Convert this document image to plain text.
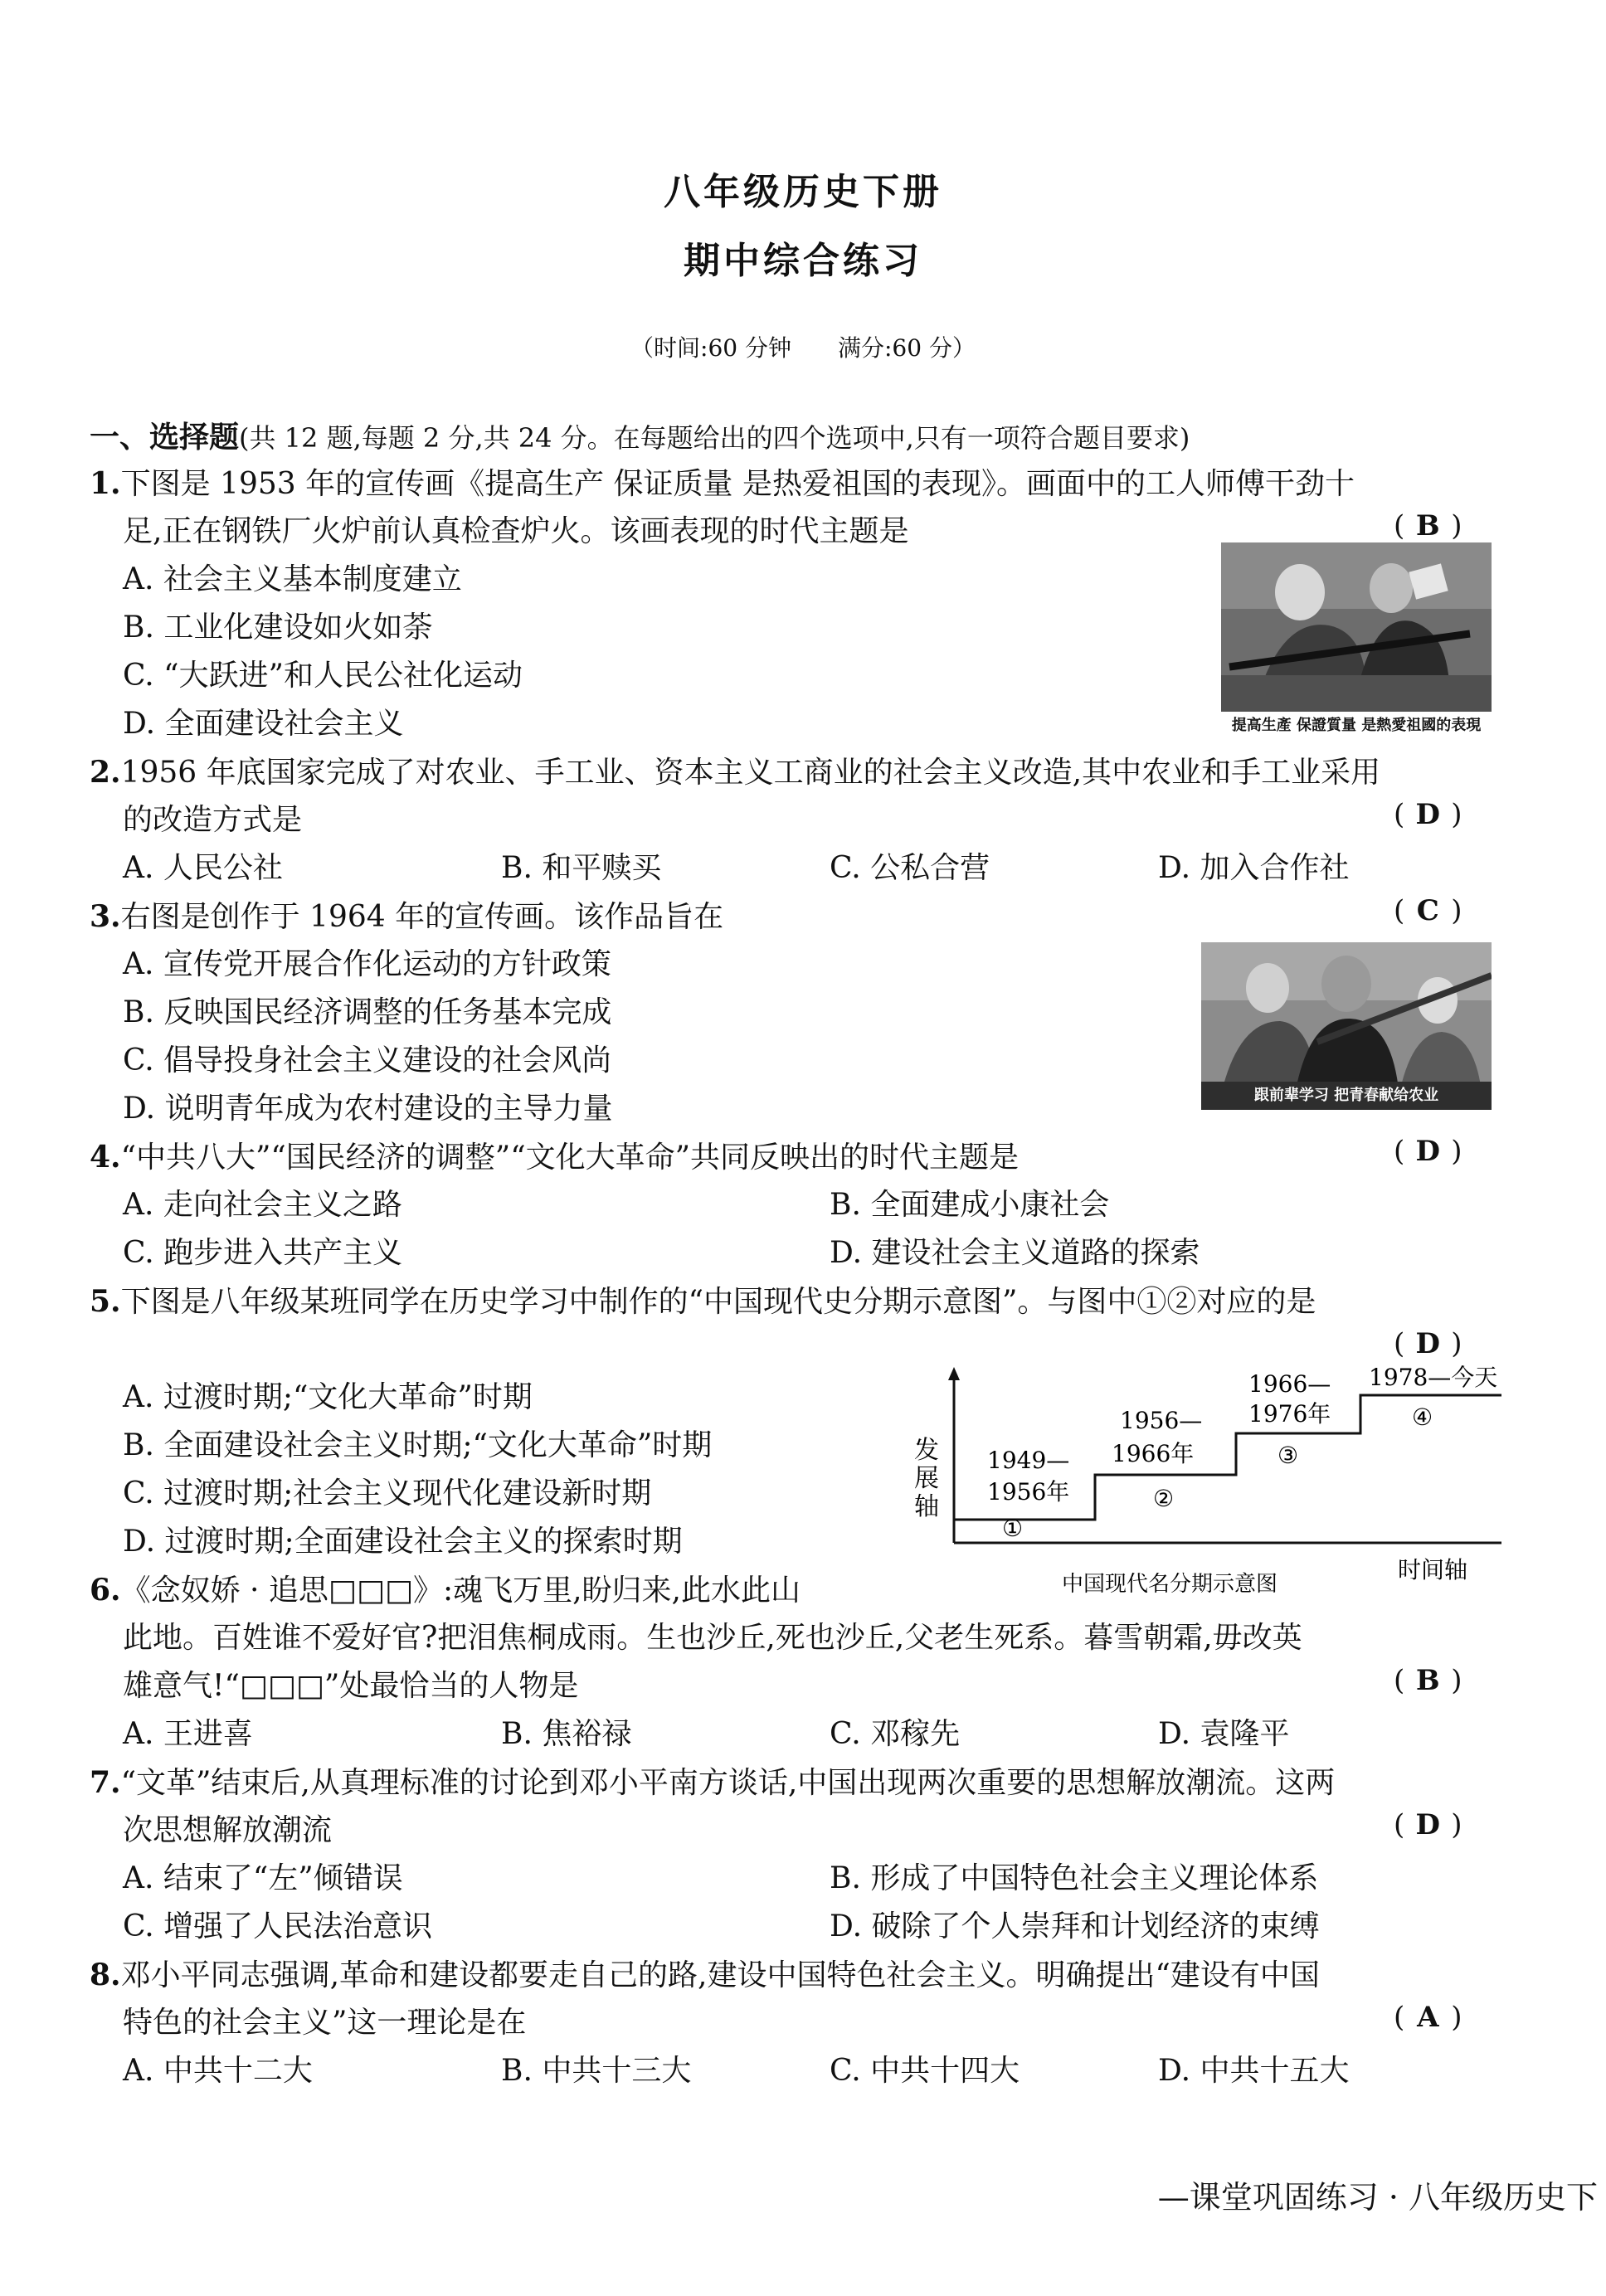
八年级历史下册
期中综合练习
（时间:60 分钟　　满分:60 分）
一、选择题(共 12 题,每题 2 分,共 24 分。在每题给出的四个选项中,只有一项符合题目要求)
1.下图是 1953 年的宣传画《提高生产 保证质量 是热爱祖国的表现》。画面中的工人师傅干劲十
足,正在钢铁厂火炉前认真检查炉火。该画表现的时代主题是	( B )
A. 社会主义基本制度建立
B. 工业化建设如火如荼
C. “大跃进”和人民公社化运动
D. 全面建设社会主义	提高生產 保證質量 是熱愛祖國的表現
2.1956 年底国家完成了对农业、手工业、资本主义工商业的社会主义改造,其中农业和手工业采用
的改造方式是	( D )
A. 人民公社	B. 和平赎买	C. 公私合营	D. 加入合作社
3.右图是创作于 1964 年的宣传画。该作品旨在	( C )
A. 宣传党开展合作化运动的方针政策
B. 反映国民经济调整的任务基本完成
C. 倡导投身社会主义建设的社会风尚
D. 说明青年成为农村建设的主导力量	跟前辈学习 把青春献给农业
4.“中共八大”“国民经济的调整”“文化大革命”共同反映出的时代主题是	( D )
A. 走向社会主义之路	B. 全面建成小康社会
C. 跑步进入共产主义	D. 建设社会主义道路的探索
5.下图是八年级某班同学在历史学习中制作的“中国现代史分期示意图”。与图中①②对应的是
( D )
A. 过渡时期;“文化大革命”时期
B. 全面建设社会主义时期;“文化大革命”时期
C. 过渡时期;社会主义现代化建设新时期
D. 过渡时期;全面建设社会主义的探索时期
发
展
轴
1949—
1956年
①
1956—
1966年
②
1966—
1976年
③
1978—今天
④
中国现代名分期示意图
时间轴
6.《念奴娇 · 追思□□□》:魂飞万里,盼归来,此水此山
此地。百姓谁不爱好官?把泪焦桐成雨。生也沙丘,死也沙丘,父老生死系。暮雪朝霜,毋改英
雄意气!“□□□”处最恰当的人物是	( B )
A. 王进喜	B. 焦裕禄	C. 邓稼先	D. 袁隆平
7.“文革”结束后,从真理标准的讨论到邓小平南方谈话,中国出现两次重要的思想解放潮流。这两
次思想解放潮流	( D )
A. 结束了“左”倾错误	B. 形成了中国特色社会主义理论体系
C. 增强了人民法治意识	D. 破除了个人崇拜和计划经济的束缚
8.邓小平同志强调,革命和建设都要走自己的路,建设中国特色社会主义。明确提出“建设有中国
特色的社会主义”这一理论是在	( A )
A. 中共十二大	B. 中共十三大	C. 中共十四大	D. 中共十五大
—课堂巩固练习 · 八年级历史下
